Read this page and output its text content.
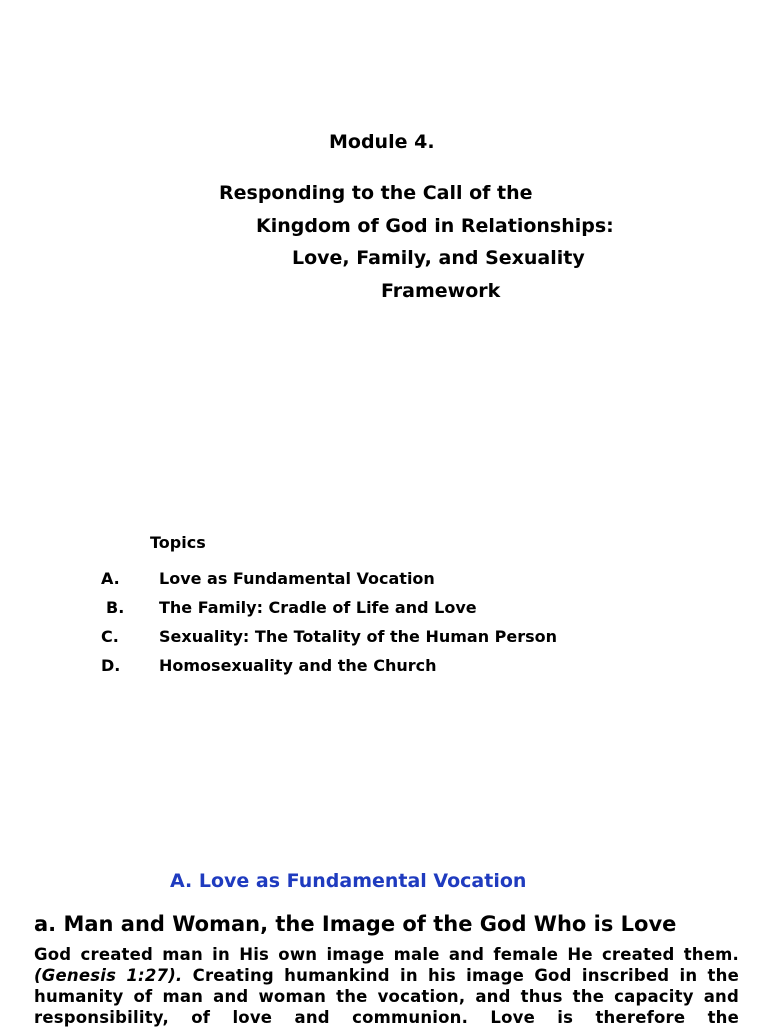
Module 4.
Responding to the Call of the
Kingdom of God in Relationships:
Love, Family, and Sexuality
Framework
Topics
A. Love as Fundamental Vocation
B. The Family: Cradle of Life and Love
C.	Sexuality: The Totality of the Human Person
D. Homosexuality and the Church
A. Love as Fundamental Vocation
a. Man and Woman, the Image of the God Who is Love
God created man in His own image male and female He created them.
(Genesis 1:27). Creating humankind in his image God inscribed in the
humanity of man and woman the vocation, and thus the capacity and
responsibility, of love and communion. Love is therefore the
